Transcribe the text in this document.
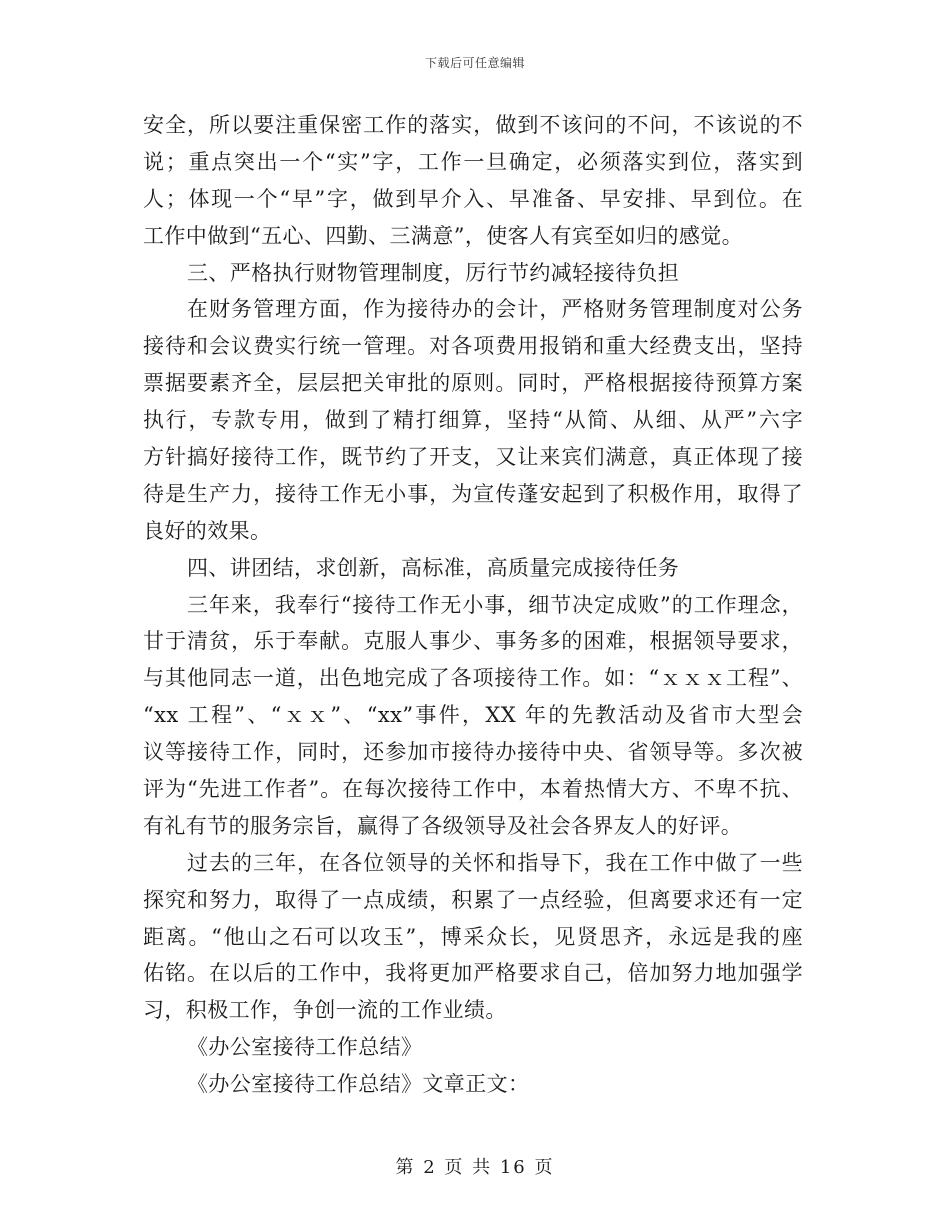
下载后可任意编辑
安全，所以要注重保密工作的落实，做到不该问的不问，不该说的不
说；重点突出一个“实”字，工作一旦确定，必须落实到位，落实到
人；体现一个“早”字，做到早介入、早准备、早安排、早到位。在
工作中做到“五心、四勤、三满意”，使客人有宾至如归的感觉。
三、严格执行财物管理制度，厉行节约减轻接待负担
在财务管理方面，作为接待办的会计，严格财务管理制度对公务
接待和会议费实行统一管理。对各项费用报销和重大经费支出，坚持
票据要素齐全，层层把关审批的原则。同时，严格根据接待预算方案
执行，专款专用，做到了精打细算，坚持“从简、从细、从严”六字
方针搞好接待工作，既节约了开支，又让来宾们满意，真正体现了接
待是生产力，接待工作无小事，为宣传蓬安起到了积极作用，取得了
良好的效果。
四、讲团结，求创新，高标准，高质量完成接待任务
三年来，我奉行“接待工作无小事，细节决定成败”的工作理念，
甘于清贫，乐于奉献。克服人事少、事务多的困难，根据领导要求，
与其他同志一道，出色地完成了各项接待工作。如：“ｘｘｘ工程”、
“xx 工程”、“ｘｘ”、“xx”事件，XX 年的先教活动及省市大型会
议等接待工作，同时，还参加市接待办接待中央、省领导等。多次被
评为“先进工作者”。在每次接待工作中，本着热情大方、不卑不抗、
有礼有节的服务宗旨，赢得了各级领导及社会各界友人的好评。
过去的三年，在各位领导的关怀和指导下，我在工作中做了一些
探究和努力，取得了一点成绩，积累了一点经验，但离要求还有一定
距离。“他山之石可以攻玉”，博采众长，见贤思齐，永远是我的座
佑铭。在以后的工作中，我将更加严格要求自己，倍加努力地加强学
习，积极工作，争创一流的工作业绩。
《办公室接待工作总结》
《办公室接待工作总结》文章正文：
第 2 页 共 16 页
